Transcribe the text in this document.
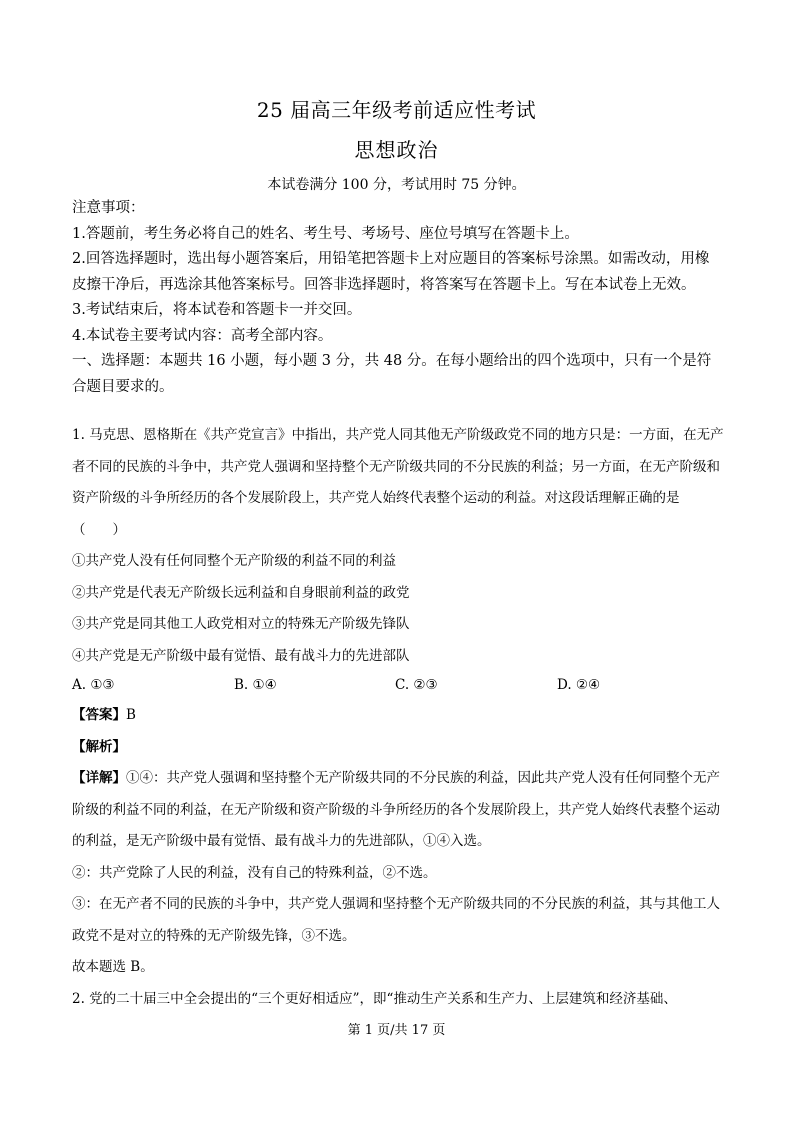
25 届高三年级考前适应性考试
思想政治
本试卷满分 100 分，考试用时 75 分钟。

注意事项：

1.答题前，考生务必将自己的姓名、考生号、考场号、座位号填写在答题卡上。

2.回答选择题时，选出每小题答案后，用铅笔把答题卡上对应题目的答案标号涂黑。如需改动，用橡皮擦干净后，再选涂其他答案标号。回答非选择题时，将答案写在答题卡上。写在本试卷上无效。

3.考试结束后，将本试卷和答题卡一并交回。

4.本试卷主要考试内容：高考全部内容。

一、选择题：本题共 16 小题，每小题 3 分，共 48 分。在每小题给出的四个选项中，只有一个是符合题目要求的。

1. 马克思、恩格斯在《共产党宣言》中指出，共产党人同其他无产阶级政党不同的地方只是：一方面，在无产者不同的民族的斗争中，共产党人强调和坚持整个无产阶级共同的不分民族的利益；另一方面，在无产阶级和资产阶级的斗争所经历的各个发展阶段上，共产党人始终代表整个运动的利益。对这段话理解正确的是（　　）

①共产党人没有任何同整个无产阶级的利益不同的利益

②共产党是代表无产阶级长远利益和自身眼前利益的政党

③共产党是同其他工人政党相对立的特殊无产阶级先锋队

④共产党是无产阶级中最有觉悟、最有战斗力的先进部队

A. ①③	B. ①④	C. ②③	D. ②④

【答案】B

【解析】

【详解】①④：共产党人强调和坚持整个无产阶级共同的不分民族的利益，因此共产党人没有任何同整个无产阶级的利益不同的利益，在无产阶级和资产阶级的斗争所经历的各个发展阶段上，共产党人始终代表整个运动的利益，是无产阶级中最有觉悟、最有战斗力的先进部队，①④入选。

②：共产党除了人民的利益，没有自己的特殊利益，②不选。

③：在无产者不同的民族的斗争中，共产党人强调和坚持整个无产阶级共同的不分民族的利益，其与其他工人政党不是对立的特殊的无产阶级先锋，③不选。

故本题选 B。

2. 党的二十届三中全会提出的“三个更好相适应”，即“推动生产关系和生产力、上层建筑和经济基础、

第 1 页/共 17 页
